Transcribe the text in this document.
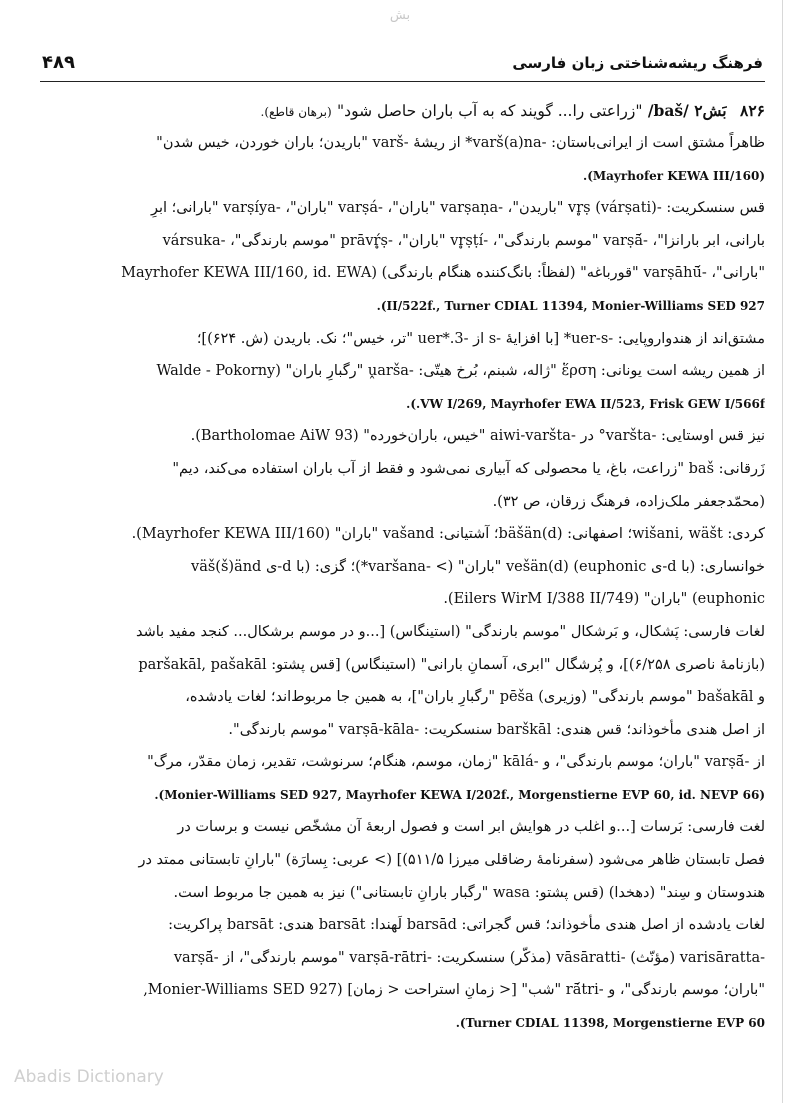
بش
فرهنگ ریشه‌شناختی زبان فارسی
۴۸۹
۸۲۶ بَش۲ /baš/ "زراعتی را... گویند که به آب باران حاصل شود" (برهان قاطع).
ظاهراً مشتق است از ایرانی‌باستان: -varš(a)na* از ریشهٔ -varš "باریدن؛ باران خوردن، خیس شدن"
(Mayrhofer KEWA III/160).
قس سنسکریت: -vr̥ṣ (várṣati) "باریدن"، -varṣaṇa "باران"، -varṣá "باران"، -varṣíya "بارانی؛ ابرِ
بارانی، ابر بارانزا"، -varṣā́ "موسم بارندگی"، -vr̥ṣṭí "باران"، -prāvŕ̥ṣ "موسم بارندگی"، -vársuka
"بارانی"، -varṣāhū́ "قورباغه" (لفظاً: بانگ‌کننده هنگام بارندگی) (Mayrhofer KEWA III/160, id. EWA
II/522f., Turner CDIAL 11394, Monier-Williams SED 927).
مشتق‌اند از هندواروپایی: -uer-s* [با افزایهٔ -s از -uer*.3 "تر، خیس"؛ نک. باریدن (ش. ۶۲۴)]؛
از همین ریشه است یونانی: ἕρση "ژاله، شبنم، بُرخ هیتّی: -ṷarša "رگبارِ باران" (Walde - Pokorny
VW I/269, Mayrhofer EWA II/523, Frisk GEW I/566f.).
نیز قس اوستایی: -varšta° در -aiwi-varšta "خیس، باران‌خورده" (Bartholomae AiW 93).
زَرقانی: baš "زراعت، باغ، یا محصولی که آبیاری نمی‌شود و فقط از آب باران استفاده می‌کند، دیم"
(محمّدجعفر ملک‌زاده، فرهنگ زرقان، ص ۳۲).
کردی: wišani, wäšt؛ اصفهانی: bäšän(d)؛ آشتیانی: vašand "باران" (Mayrhofer KEWA III/160).
خوانساری: (با d-ی euphonic) vešän(d) "باران" (> -varšana*)؛ گزی: (با d-ی väš(š)änd
euphonic) "باران" (Eilers WirM I/388 II/749).
لغات فارسی: پَشکال، و بَرشکال "موسم بارندگی" (استینگاس) [...و در موسم برشکال... کنجد مفید باشد
(بازنامهٔ ناصری ۶/۲۵۸)]، و پُرشگال "ابری، آسمانِ بارانی" (استینگاس) [قس پشتو: paršakāl, pašakāl
و bašakāl "موسم بارندگی" (وزیری) pēša "رگبارِ باران"]، به همین جا مربوط‌اند؛ لغات یادشده،
از اصل هندی مأخوذاند؛ قس هندی: barškāl سنسکریت: -varṣā-kāla "موسم بارندگی".
از -varṣā́ "باران؛ موسم بارندگی"، و -kālá "زمان، موسم، هنگام؛ سرنوشت، تقدیر، زمان مقدّر، مرگ"
(Monier-Williams SED 927, Mayrhofer KEWA I/202f., Morgenstierne EVP 60, id. NEVP 66).
لغت فارسی: بَرسات [...و اغلب در هوایش ابر است و فصول اربعهٔ آن مشخّص نیست و برسات در
فصل تابستان ظاهر می‌شود (سفرنامهٔ رضاقلی میرزا ۵۱۱/۵)] (> عربی: بِسارَة) "بارانِ تابستانی ممتد در
هندوستان و سِند" (دهخدا) (قس پشتو: wasa "رگبار بارانِ تابستانی") نیز به همین جا مربوط است.
لغات یادشده از اصل هندی مأخوذاند؛ قس گجراتی: barsād لَهندا: barsāt هندی: barsāt پراکریت:
-varisāratta (مؤنّث) -vāsāratti (مذکّر) سنسکریت: -varṣā-rātri "موسم بارندگی"، از -varṣā́
"باران؛ موسم بارندگی"، و -rā́tri "شب" [< زمانِ استراحت < زمان] (Monier-Williams SED 927,
Turner CDIAL 11398, Morgenstierne EVP 60).
Abadis Dictionary
